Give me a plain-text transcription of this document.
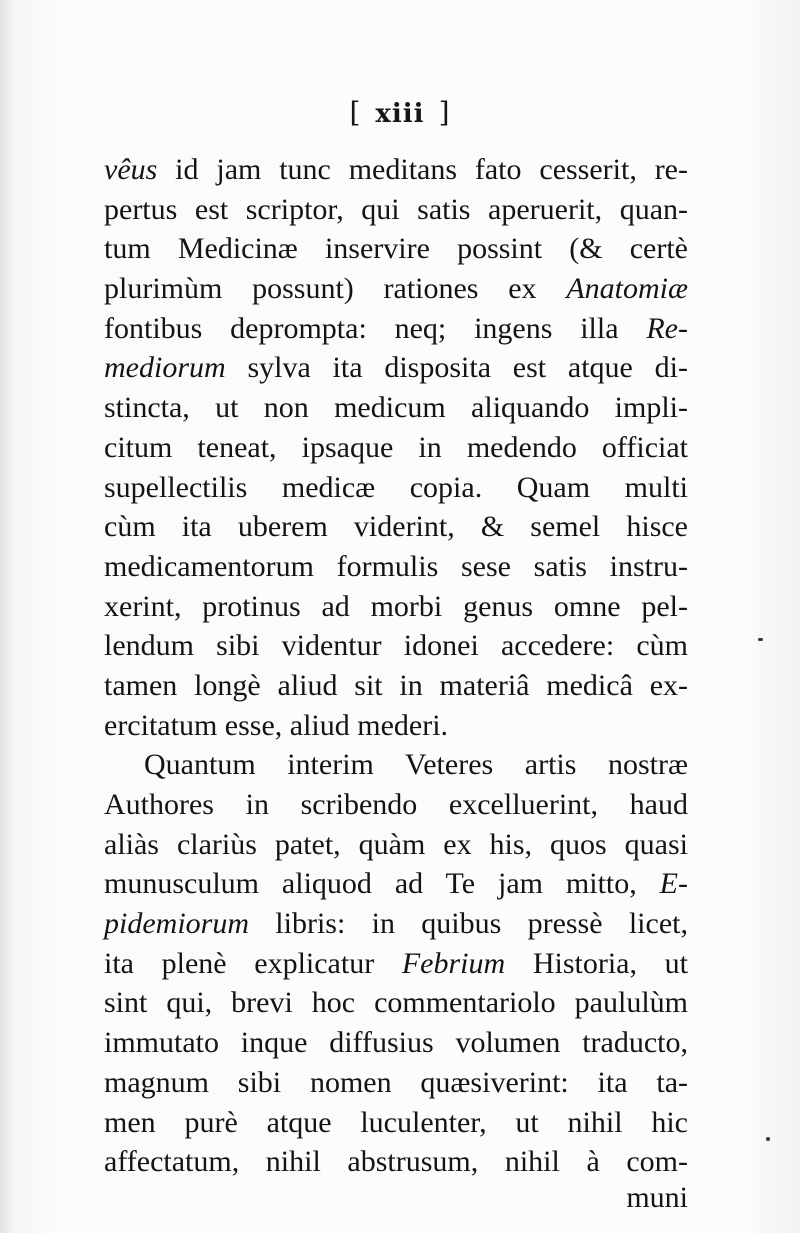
[ xiii ]
vêus id jam tunc meditans fato cesserit, re-
pertus est scriptor, qui satis aperuerit, quan-
tum Medicinæ inservire possint (& certè
plurimùm possunt) rationes ex Anatomiæ
fontibus deprompta: neq; ingens illa Re-
mediorum sylva ita disposita est atque di-
stincta, ut non medicum aliquando impli-
citum teneat, ipsaque in medendo officiat
supellectilis medicæ copia. Quam multi
cùm ita uberem viderint, & semel hisce
medicamentorum formulis sese satis instru-
xerint, protinus ad morbi genus omne pel-
lendum sibi videntur idonei accedere: cùm
tamen longè aliud sit in materiâ medicâ ex-
ercitatum esse, aliud mederi.
Quantum interim Veteres artis nostræ
Authores in scribendo excelluerint, haud
aliàs clariùs patet, quàm ex his, quos quasi
munusculum aliquod ad Te jam mitto, E-
pidemiorum libris: in quibus pressè licet,
ita plenè explicatur Febrium Historia, ut
sint qui, brevi hoc commentariolo paululùm
immutato inque diffusius volumen traducto,
magnum sibi nomen quæsiverint: ita ta-
men purè atque luculenter, ut nihil hic
affectatum, nihil abstrusum, nihil à com-
muni
